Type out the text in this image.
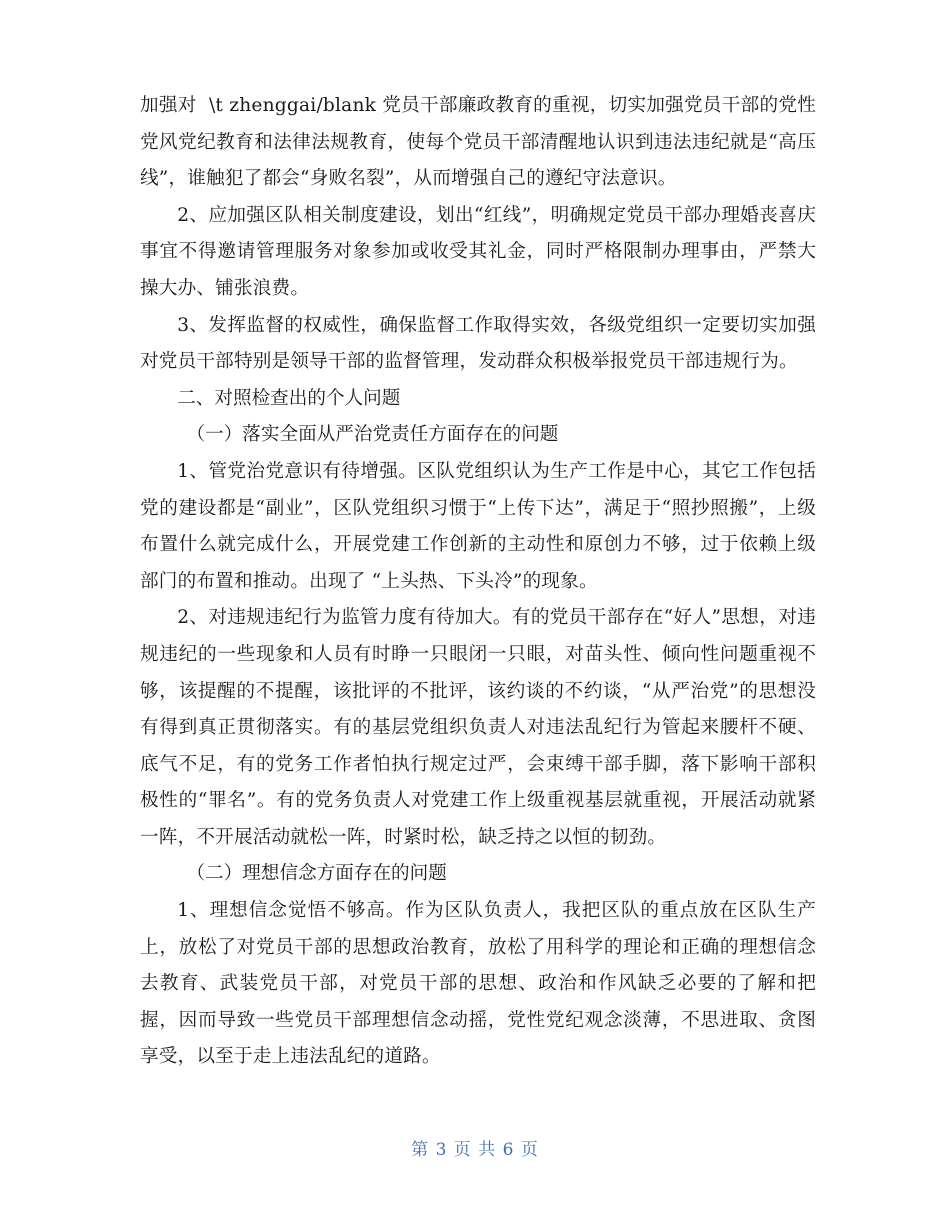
加强对  \t zhenggai/blank 党员干部廉政教育的重视，切实加强党员干部的党性党风党纪教育和法律法规教育，使每个党员干部清醒地认识到违法违纪就是“高压线”，谁触犯了都会“身败名裂”，从而增强自己的遵纪守法意识。

2、应加强区队相关制度建设，划出“红线”，明确规定党员干部办理婚丧喜庆事宜不得邀请管理服务对象参加或收受其礼金，同时严格限制办理事由，严禁大操大办、铺张浪费。

3、发挥监督的权威性，确保监督工作取得实效，各级党组织一定要切实加强对党员干部特别是领导干部的监督管理，发动群众积极举报党员干部违规行为。

二、对照检查出的个人问题

（一）落实全面从严治党责任方面存在的问题

1、管党治党意识有待增强。区队党组织认为生产工作是中心，其它工作包括党的建设都是“副业”，区队党组织习惯于“上传下达”，满足于“照抄照搬”，上级布置什么就完成什么，开展党建工作创新的主动性和原创力不够，过于依赖上级部门的布置和推动。出现了 “上头热、下头冷”的现象。

2、对违规违纪行为监管力度有待加大。有的党员干部存在“好人”思想，对违规违纪的一些现象和人员有时睁一只眼闭一只眼，对苗头性、倾向性问题重视不够，该提醒的不提醒，该批评的不批评，该约谈的不约谈，“从严治党”的思想没有得到真正贯彻落实。有的基层党组织负责人对违法乱纪行为管起来腰杆不硬、底气不足，有的党务工作者怕执行规定过严，会束缚干部手脚，落下影响干部积极性的“罪名”。有的党务负责人对党建工作上级重视基层就重视，开展活动就紧一阵，不开展活动就松一阵，时紧时松，缺乏持之以恒的韧劲。

（二）理想信念方面存在的问题

1、理想信念觉悟不够高。作为区队负责人，我把区队的重点放在区队生产上，放松了对党员干部的思想政治教育，放松了用科学的理论和正确的理想信念去教育、武装党员干部，对党员干部的思想、政治和作风缺乏必要的了解和把握，因而导致一些党员干部理想信念动摇，党性党纪观念淡薄，不思进取、贪图享受，以至于走上违法乱纪的道路。

第 3 页 共 6 页
